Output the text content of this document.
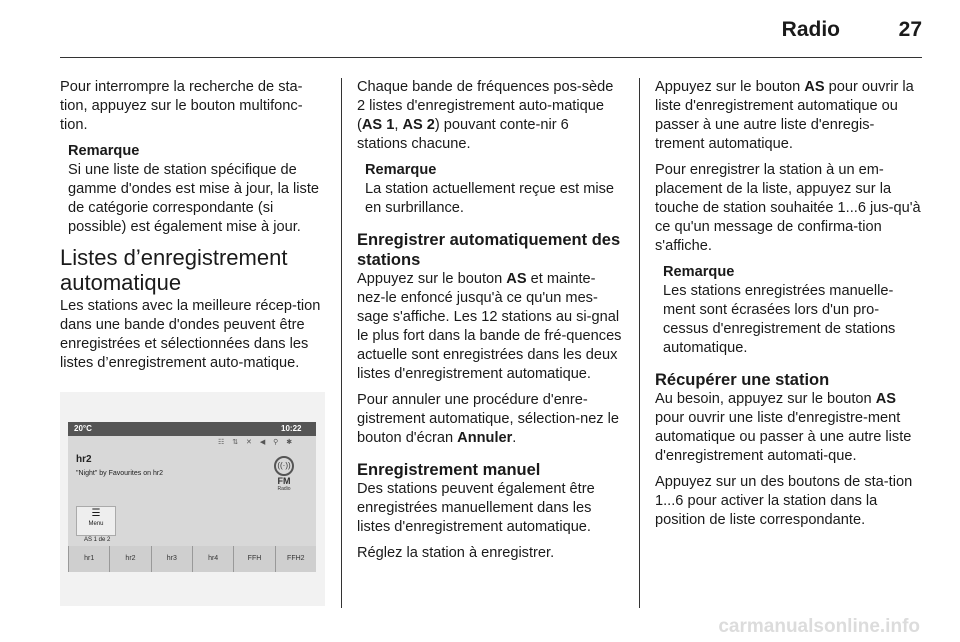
Radio	27

Pour interrompre la recherche de sta-tion, appuyez sur le bouton multifonc-tion.

Remarque
Si une liste de station spécifique de gamme d'ondes est mise à jour, la liste de catégorie correspondante (si possible) est également mise à jour.
Listes d’enregistrement automatique

Les stations avec la meilleure récep-tion dans une bande d'ondes peuvent être enregistrées et sélectionnées dans les listes d’enregistrement auto-matique.

20°C	10:22
☷ ⇅ ✕ ◀ ⚲ ✱
hr2
"Night" by Favourites on hr2
((·))
FM
Radio
☰
Menu
AS 1 de 2
hr1	hr2	hr3	hr4	FFH	FFH2

Chaque bande de fréquences pos-sède 2 listes d'enregistrement auto-matique (AS 1, AS 2) pouvant conte-nir 6 stations chacune.

Remarque
La station actuellement reçue est mise en surbrillance.
Enregistrer automatiquement des stations

Appuyez sur le bouton AS et mainte-nez-le enfoncé jusqu'à ce qu'un mes-sage s'affiche. Les 12 stations au si-gnal le plus fort dans la bande de fré-quences actuelle sont enregistrées dans les deux listes d'enregistrement automatique.

Pour annuler une procédure d'enre-gistrement automatique, sélection-nez le bouton d'écran Annuler.

Enregistrement manuel

Des stations peuvent également être enregistrées manuellement dans les listes d'enregistrement automatique.

Réglez la station à enregistrer.

Appuyez sur le bouton AS pour ouvrir la liste d'enregistrement automatique ou passer à une autre liste d'enregis-trement automatique.

Pour enregistrer la station à un em-placement de la liste, appuyez sur la touche de station souhaitée 1...6 jus-qu'à ce qu'un message de confirma-tion s'affiche.

Remarque
Les stations enregistrées manuelle-ment sont écrasées lors d'un pro-cessus d'enregistrement de stations automatique.
Récupérer une station

Au besoin, appuyez sur le bouton AS pour ouvrir une liste d'enregistre-ment automatique ou passer à une autre liste d'enregistrement automati-que.

Appuyez sur un des boutons de sta-tion 1...6 pour activer la station dans la position de liste correspondante.

carmanualsonline.info
